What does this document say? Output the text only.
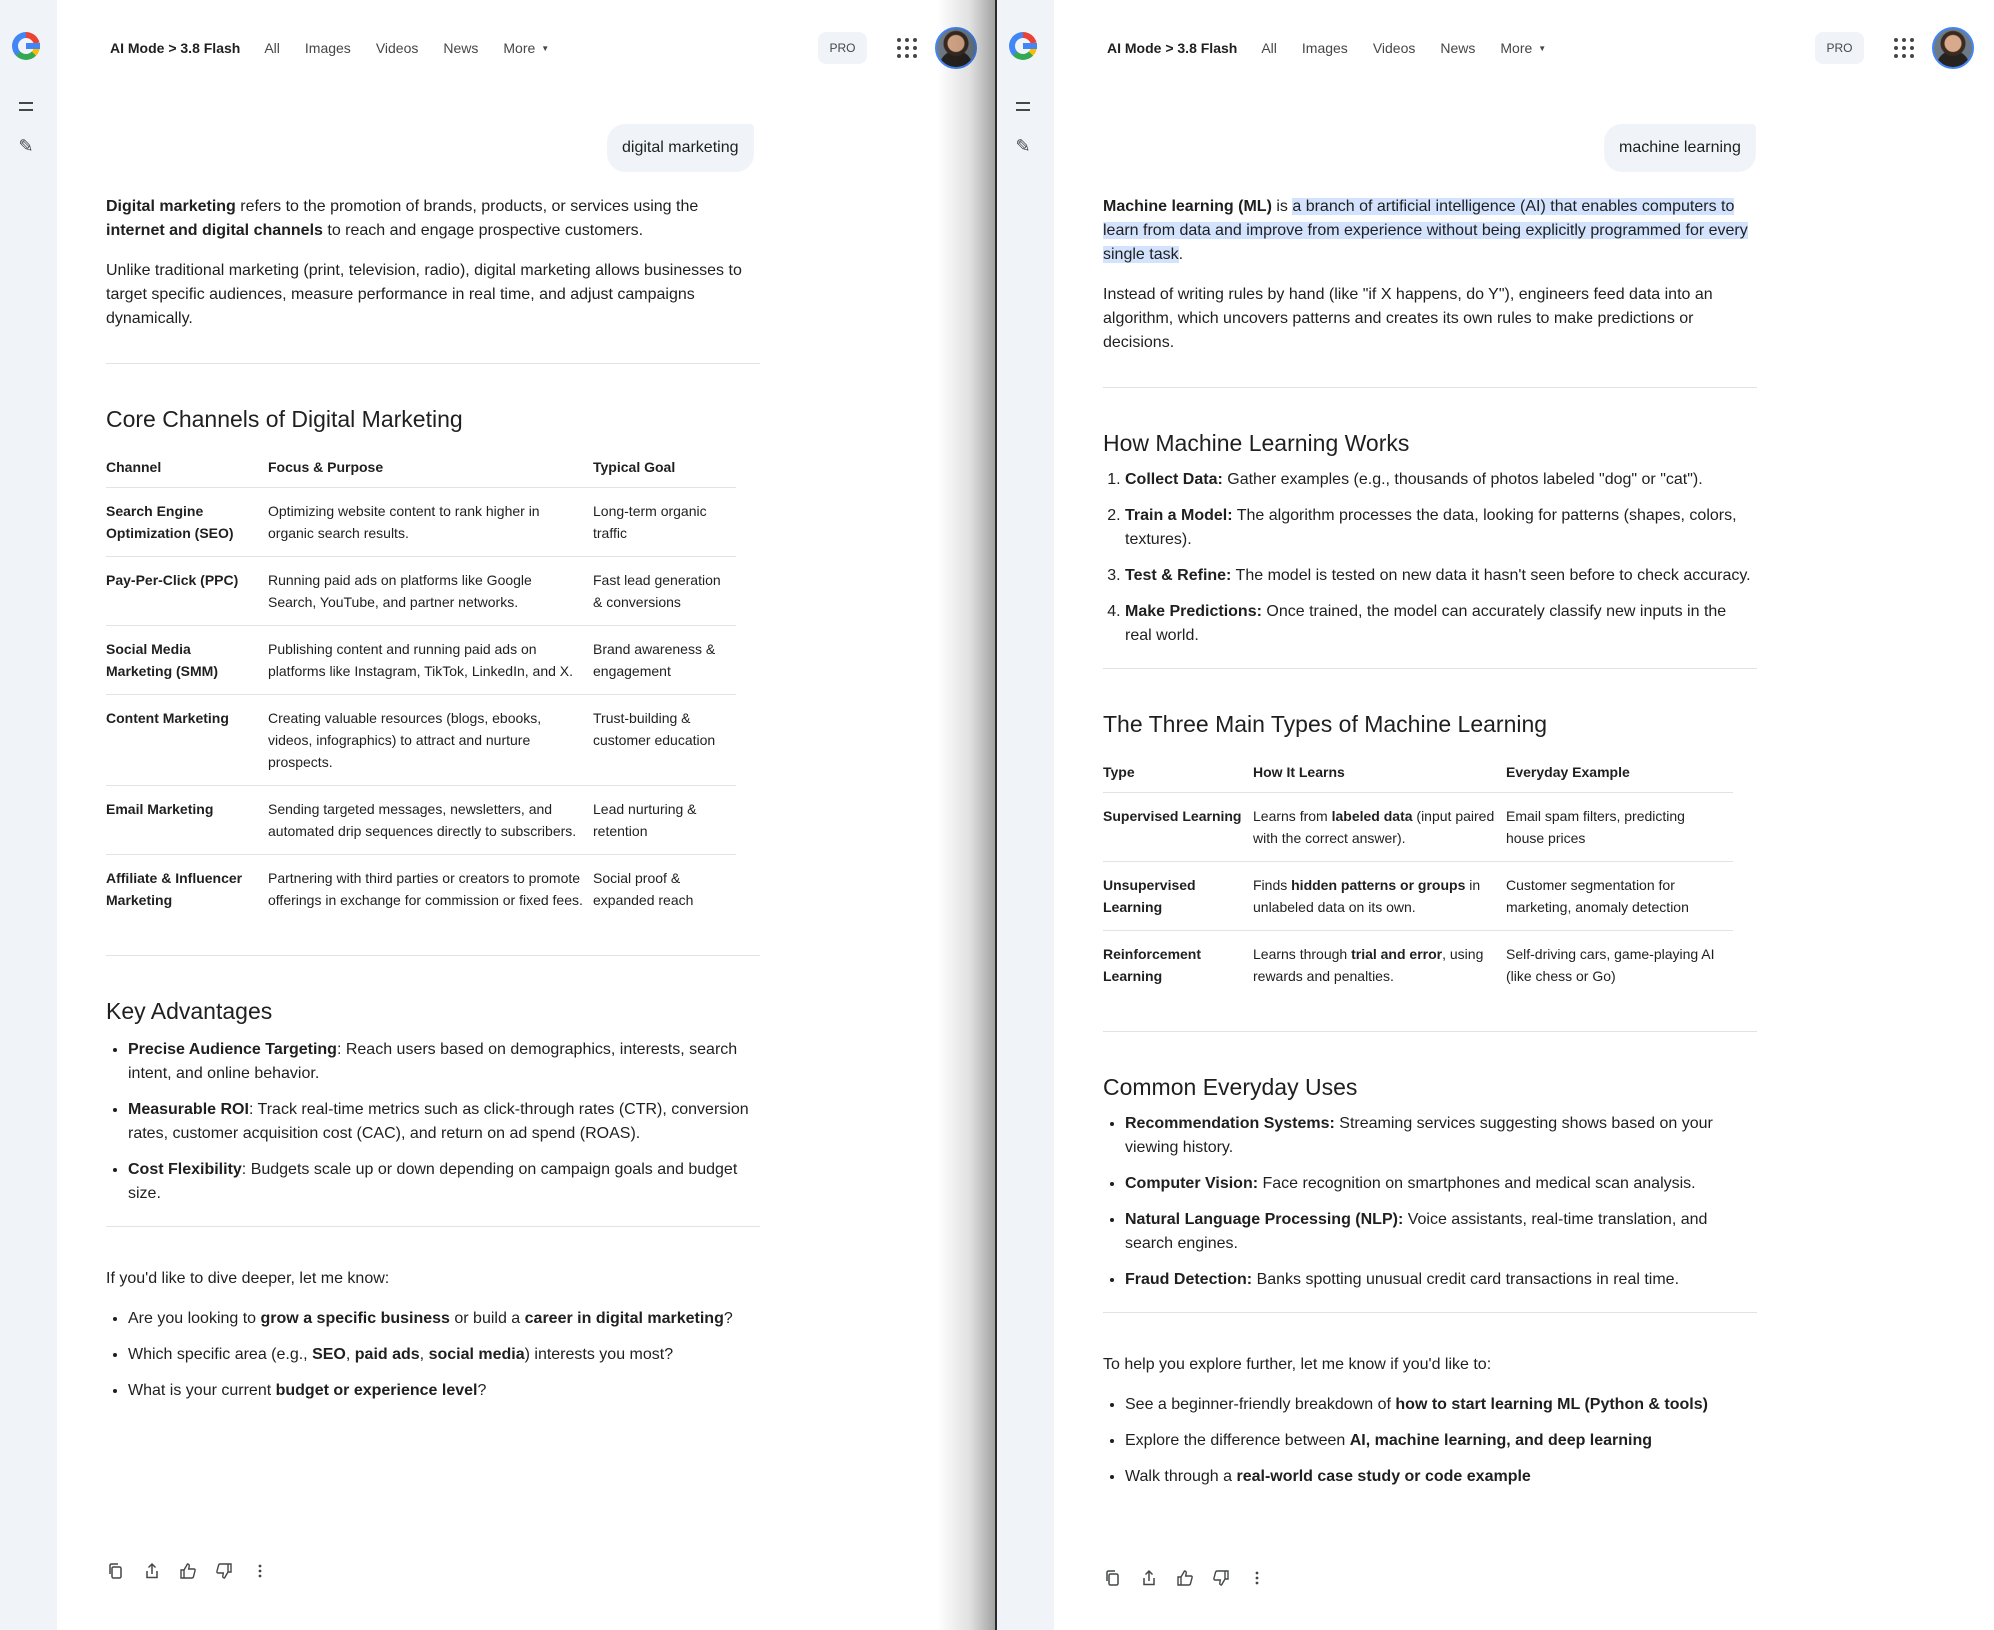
✎
AI Mode > 3.8 Flash All Images Videos News More ▼	PRO
digital marketing

Digital marketing refers to the promotion of brands, products, or services using the internet and digital channels to reach and engage prospective customers.

Unlike traditional marketing (print, television, radio), digital marketing allows businesses to target specific audiences, measure performance in real time, and adjust campaigns dynamically.

Core Channels of Digital Marketing
Channel	Focus & Purpose	Typical Goal
Search Engine Optimization (SEO)	Optimizing website content to rank higher in organic search results.	Long-term organic traffic
Pay-Per-Click (PPC)	Running paid ads on platforms like Google Search, YouTube, and partner networks.	Fast lead generation & conversions
Social Media Marketing (SMM)	Publishing content and running paid ads on platforms like Instagram, TikTok, LinkedIn, and X.	Brand awareness & engagement
Content Marketing	Creating valuable resources (blogs, ebooks, videos, infographics) to attract and nurture prospects.	Trust-building & customer education
Email Marketing	Sending targeted messages, newsletters, and automated drip sequences directly to subscribers.	Lead nurturing & retention
Affiliate & Influencer Marketing	Partnering with third parties or creators to promote offerings in exchange for commission or fixed fees.	Social proof & expanded reach
Key Advantages
• Precise Audience Targeting: Reach users based on demographics, interests, search intent, and online behavior.
• Measurable ROI: Track real-time metrics such as click-through rates (CTR), conversion rates, customer acquisition cost (CAC), and return on ad spend (ROAS).
• Cost Flexibility: Budgets scale up or down depending on campaign goals and budget size.

If you'd like to dive deeper, let me know:

• Are you looking to grow a specific business or build a career in digital marketing?
• Which specific area (e.g., SEO, paid ads, social media) interests you most?
• What is your current budget or experience level?
✎
AI Mode > 3.8 Flash All Images Videos News More ▼	PRO
machine learning

Machine learning (ML) is a branch of artificial intelligence (AI) that enables computers to learn from data and improve from experience without being explicitly programmed for every single task.

Instead of writing rules by hand (like "if X happens, do Y"), engineers feed data into an algorithm, which uncovers patterns and creates its own rules to make predictions or decisions.

How Machine Learning Works
1. Collect Data: Gather examples (e.g., thousands of photos labeled "dog" or "cat").
2. Train a Model: The algorithm processes the data, looking for patterns (shapes, colors, textures).
3. Test & Refine: The model is tested on new data it hasn't seen before to check accuracy.
4. Make Predictions: Once trained, the model can accurately classify new inputs in the real world.
The Three Main Types of Machine Learning
Type	How It Learns	Everyday Example
Supervised Learning	Learns from labeled data (input paired with the correct answer).	Email spam filters, predicting house prices
Unsupervised Learning	Finds hidden patterns or groups in unlabeled data on its own.	Customer segmentation for marketing, anomaly detection
Reinforcement Learning	Learns through trial and error, using rewards and penalties.	Self-driving cars, game-playing AI (like chess or Go)
Common Everyday Uses
• Recommendation Systems: Streaming services suggesting shows based on your viewing history.
• Computer Vision: Face recognition on smartphones and medical scan analysis.
• Natural Language Processing (NLP): Voice assistants, real-time translation, and search engines.
• Fraud Detection: Banks spotting unusual credit card transactions in real time.

To help you explore further, let me know if you'd like to:

• See a beginner-friendly breakdown of how to start learning ML (Python & tools)
• Explore the difference between AI, machine learning, and deep learning
• Walk through a real-world case study or code example
